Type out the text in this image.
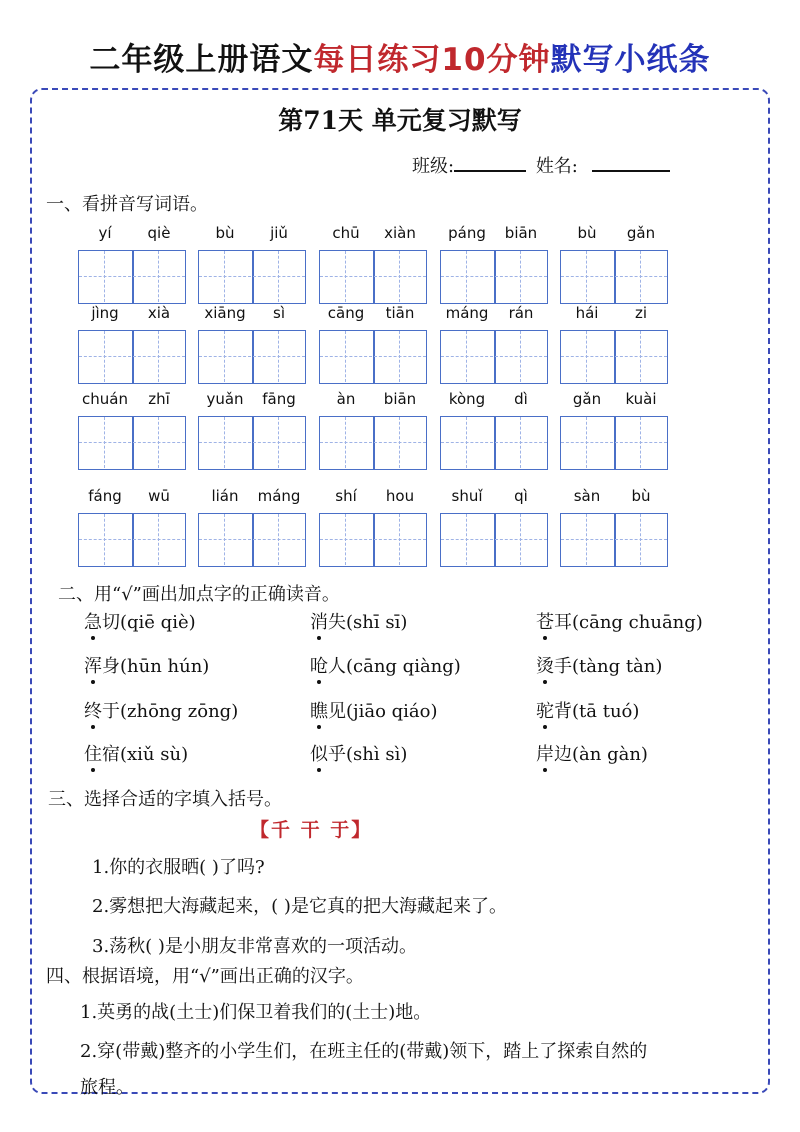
二年级上册语文每日练习10分钟默写小纸条
第71天 单元复习默写
班级:	姓名:
一、看拼音写词语。
yí	qiè	bù	jiǔ	chū	xiàn	páng	biān	bù	gǎn
jìng	xià	xiāng	sì	cāng	tiān	máng	rán	hái	zi
chuán	zhī	yuǎn	fāng	àn	biān	kòng	dì	gǎn	kuài
fáng	wū	lián	máng	shí	hou	shuǐ	qì	sàn	bù
二、用“√”画出加点字的正确读音。
急切(qiē qiè)	消失(shī sī)	苍耳(cāng chuāng)
浑身(hūn hún)	呛人(cāng qiàng)	烫手(tàng tàn)
终于(zhōng zōng)	瞧见(jiāo qiáo)	驼背(tā tuó)
住宿(xiǔ sù)	似乎(shì sì)	岸边(àn gàn)
三、选择合适的字填入括号。
【千 干 于】
1.你的衣服晒( )了吗?
2.雾想把大海藏起来，( )是它真的把大海藏起来了。
3.荡秋( )是小朋友非常喜欢的一项活动。
四、根据语境，用“√”画出正确的汉字。
1.英勇的战(土士)们保卫着我们的(土士)地。
2.穿(带戴)整齐的小学生们，在班主任的(带戴)领下，踏上了探索自然的
旅程。
